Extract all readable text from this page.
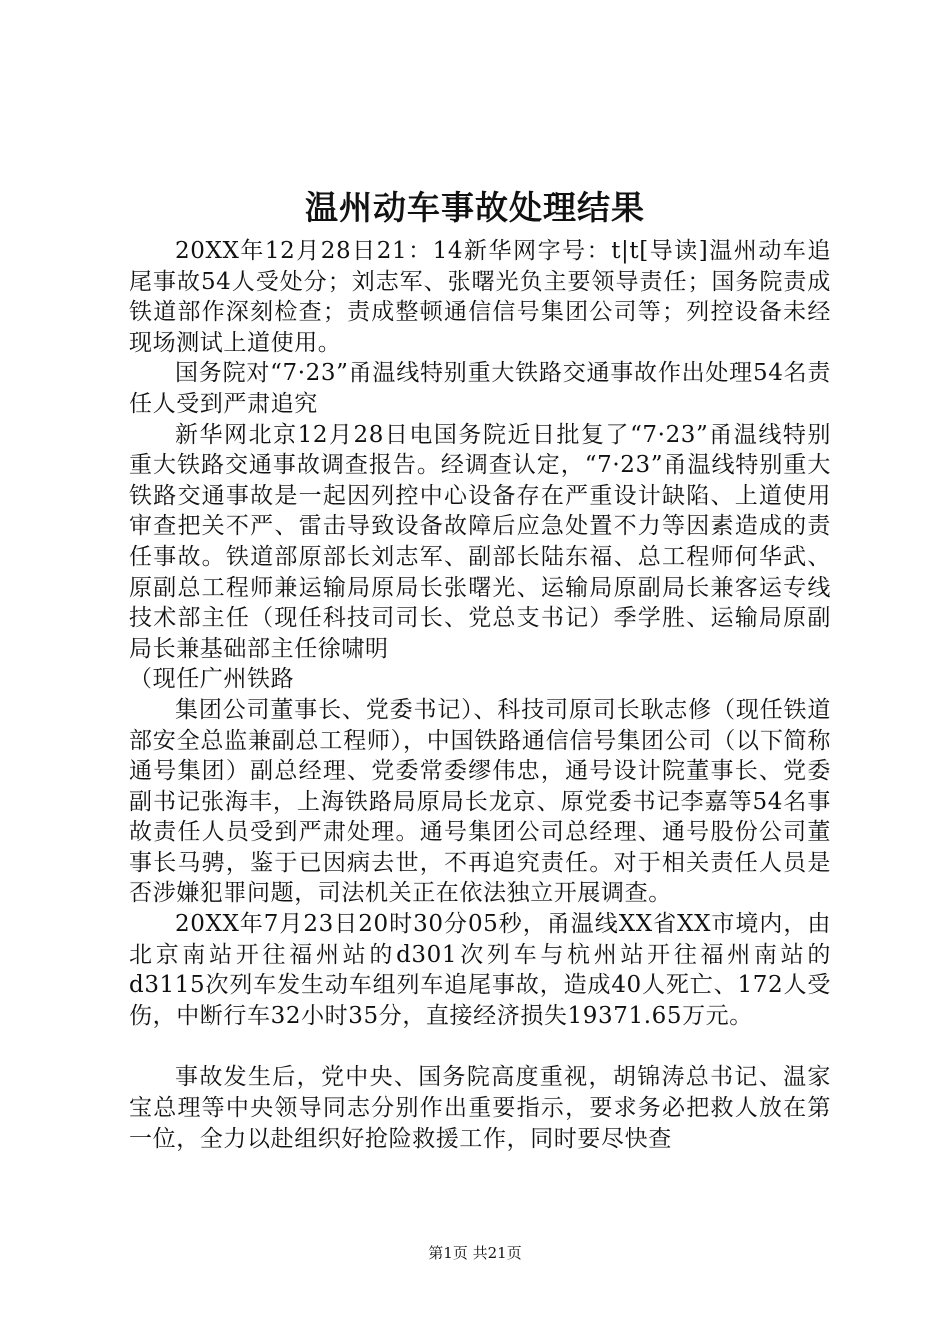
温州动车事故处理结果

20XX年12月28日21：14新华网字号：t|t[导读]温州动车追尾事故54人受处分；刘志军、张曙光负主要领导责任；国务院责成铁道部作深刻检查；责成整顿通信信号集团公司等；列控设备未经现场测试上道使用。

国务院对“7·23”甬温线特别重大铁路交通事故作出处理54名责任人受到严肃追究

新华网北京12月28日电国务院近日批复了“7·23”甬温线特别重大铁路交通事故调查报告。经调查认定，“7·23”甬温线特别重大铁路交通事故是一起因列控中心设备存在严重设计缺陷、上道使用审查把关不严、雷击导致设备故障后应急处置不力等因素造成的责任事故。铁道部原部长刘志军、副部长陆东福、总工程师何华武、原副总工程师兼运输局原局长张曙光、运输局原副局长兼客运专线技术部主任（现任科技司司长、党总支书记）季学胜、运输局原副局长兼基础部主任徐啸明

（现任广州铁路

集团公司董事长、党委书记）、科技司原司长耿志修（现任铁道部安全总监兼副总工程师），中国铁路通信信号集团公司（以下简称通号集团）副总经理、党委常委缪伟忠，通号设计院董事长、党委副书记张海丰，上海铁路局原局长龙京、原党委书记李嘉等54名事故责任人员受到严肃处理。通号集团公司总经理、通号股份公司董事长马骋，鉴于已因病去世，不再追究责任。对于相关责任人员是否涉嫌犯罪问题，司法机关正在依法独立开展调查。

20XX年7月23日20时30分05秒，甬温线XX省XX市境内，由北京南站开往福州站的d301次列车与杭州站开往福州南站的d3115次列车发生动车组列车追尾事故，造成40人死亡、172人受伤，中断行车32小时35分，直接经济损失19371.65万元。

事故发生后，党中央、国务院高度重视，胡锦涛总书记、温家宝总理等中央领导同志分别作出重要指示，要求务必把救人放在第一位，全力以赴组织好抢险救援工作，同时要尽快查

第1页 共21页
